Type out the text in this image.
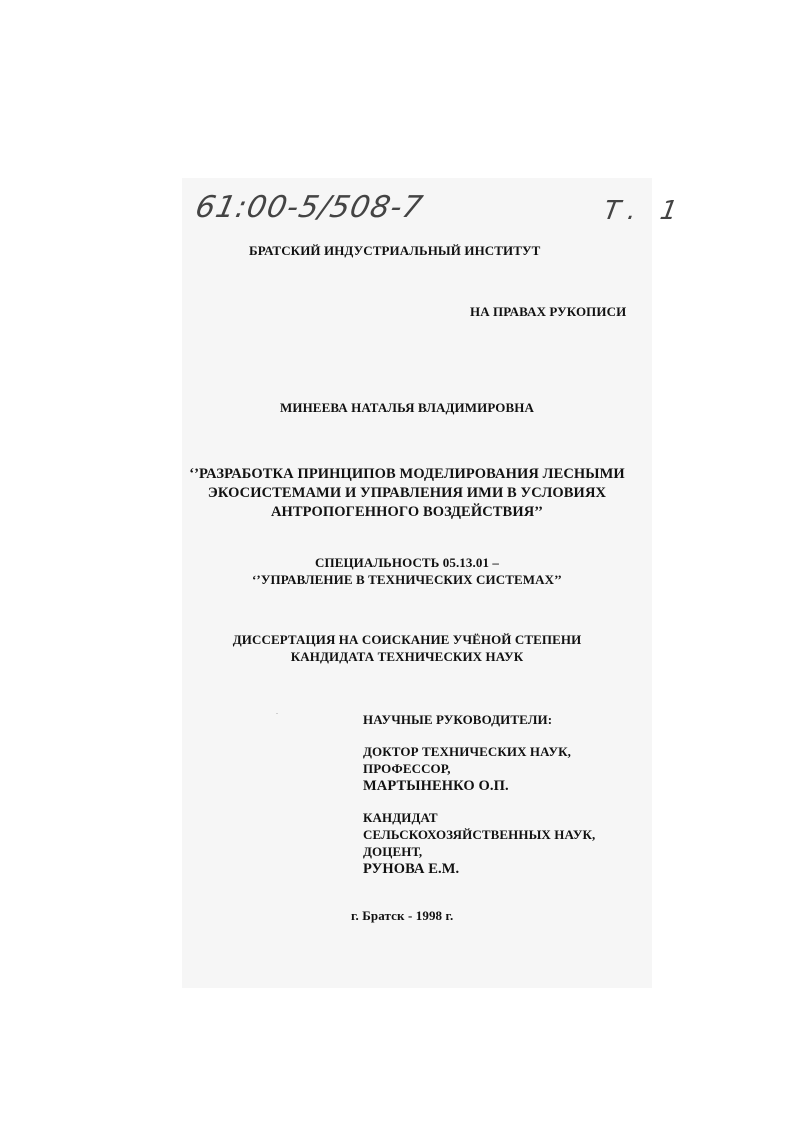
61:00-5/508-7	Т. 1
БРАТСКИЙ ИНДУСТРИАЛЬНЫЙ ИНСТИТУТ
НА ПРАВАХ РУКОПИСИ
МИНЕЕВА НАТАЛЬЯ ВЛАДИМИРОВНА
‘’РАЗРАБОТКА ПРИНЦИПОВ МОДЕЛИРОВАНИЯ ЛЕСНЫМИ
ЭКОСИСТЕМАМИ И УПРАВЛЕНИЯ ИМИ В УСЛОВИЯХ
АНТРОПОГЕННОГО ВОЗДЕЙСТВИЯ’’
СПЕЦИАЛЬНОСТЬ 05.13.01 –
‘’УПРАВЛЕНИЕ В ТЕХНИЧЕСКИХ СИСТЕМАХ’’
ДИССЕРТАЦИЯ НА СОИСКАНИЕ УЧЁНОЙ СТЕПЕНИ
КАНДИДАТА ТЕХНИЧЕСКИХ НАУК
НАУЧНЫЕ РУКОВОДИТЕЛИ:
ДОКТОР ТЕХНИЧЕСКИХ НАУК,
ПРОФЕССОР,
МАРТЫНЕНКО О.П.
КАНДИДАТ
СЕЛЬСКОХОЗЯЙСТВЕННЫХ НАУК,
ДОЦЕНТ,
РУНОВА Е.М.
г. Братск - 1998 г.
